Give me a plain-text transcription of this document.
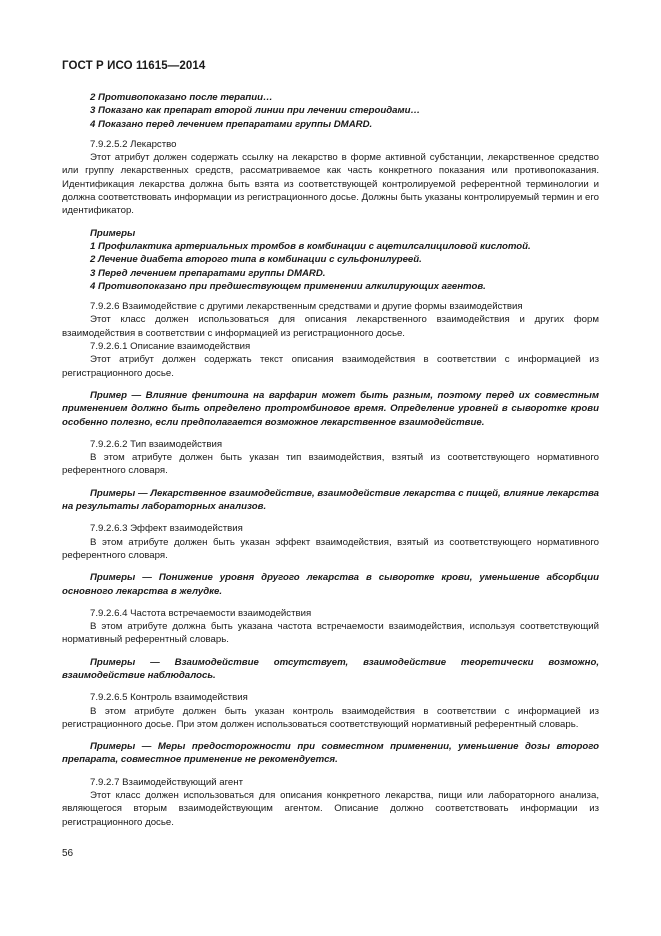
ГОСТ Р ИСО 11615—2014

2 Противопоказано после терапии…

3 Показано как препарат второй линии при лечении стероидами…

4 Показано перед лечением препаратами группы DMARD.

7.9.2.5.2 Лекарство

Этот атрибут должен содержать ссылку на лекарство в форме активной субстанции, лекарственное средство или группу лекарственных средств, рассматриваемое как часть конкретного показания или противопоказания. Идентификация лекарства должна быть взята из соответствующей контролируемой референтной терминологии и должна соответствовать информации из регистрационного досье. Должны быть указаны контролируемый термин и его идентификатор.

Примеры

1 Профилактика артериальных тромбов в комбинации с ацетилсалициловой кислотой.

2 Лечение диабета второго типа в комбинации с сульфонилуреей.

3 Перед лечением препаратами группы DMARD.

4 Противопоказано при предшествующем применении алкилирующих агентов.

7.9.2.6 Взаимодействие с другими лекарственным средствами и другие формы взаимодействия

Этот класс должен использоваться для описания лекарственного взаимодействия и других форм взаимодействия в соответствии с информацией из регистрационного досье.

7.9.2.6.1 Описание взаимодействия

Этот атрибут должен содержать текст описания взаимодействия в соответствии с информацией из регистрационного досье.

Пример — Влияние фенитоина на варфарин может быть разным, поэтому перед их совместным применением должно быть определено протромбиновое время. Определение уровней в сыворотке крови особенно полезно, если предполагается возможное лекарственное взаимодействие.

7.9.2.6.2 Тип взаимодействия

В этом атрибуте должен быть указан тип взаимодействия, взятый из соответствующего нормативного референтного словаря.

Примеры — Лекарственное взаимодействие, взаимодействие лекарства с пищей, влияние лекарства на результаты лабораторных анализов.

7.9.2.6.3 Эффект взаимодействия

В этом атрибуте должен быть указан эффект взаимодействия, взятый из соответствующего нормативного референтного словаря.

Примеры — Понижение уровня другого лекарства в сыворотке крови, уменьшение абсорбции основного лекарства в желудке.

7.9.2.6.4 Частота встречаемости взаимодействия

В этом атрибуте должна быть указана частота встречаемости взаимодействия, используя соответствующий нормативный референтный словарь.

Примеры — Взаимодействие отсутствует, взаимодействие теоретически возможно, взаимодействие наблюдалось.

7.9.2.6.5 Контроль взаимодействия

В этом атрибуте должен быть указан контроль взаимодействия в соответствии с информацией из регистрационного досье. При этом должен использоваться соответствующий нормативный референтный словарь.

Примеры — Меры предосторожности при совместном применении, уменьшение дозы второго препарата, совместное применение не рекомендуется.

7.9.2.7 Взаимодействующий агент

Этот класс должен использоваться для описания конкретного лекарства, пищи или лабораторного анализа, являющегося вторым взаимодействующим агентом. Описание должно соответствовать информации из регистрационного досье.

56
